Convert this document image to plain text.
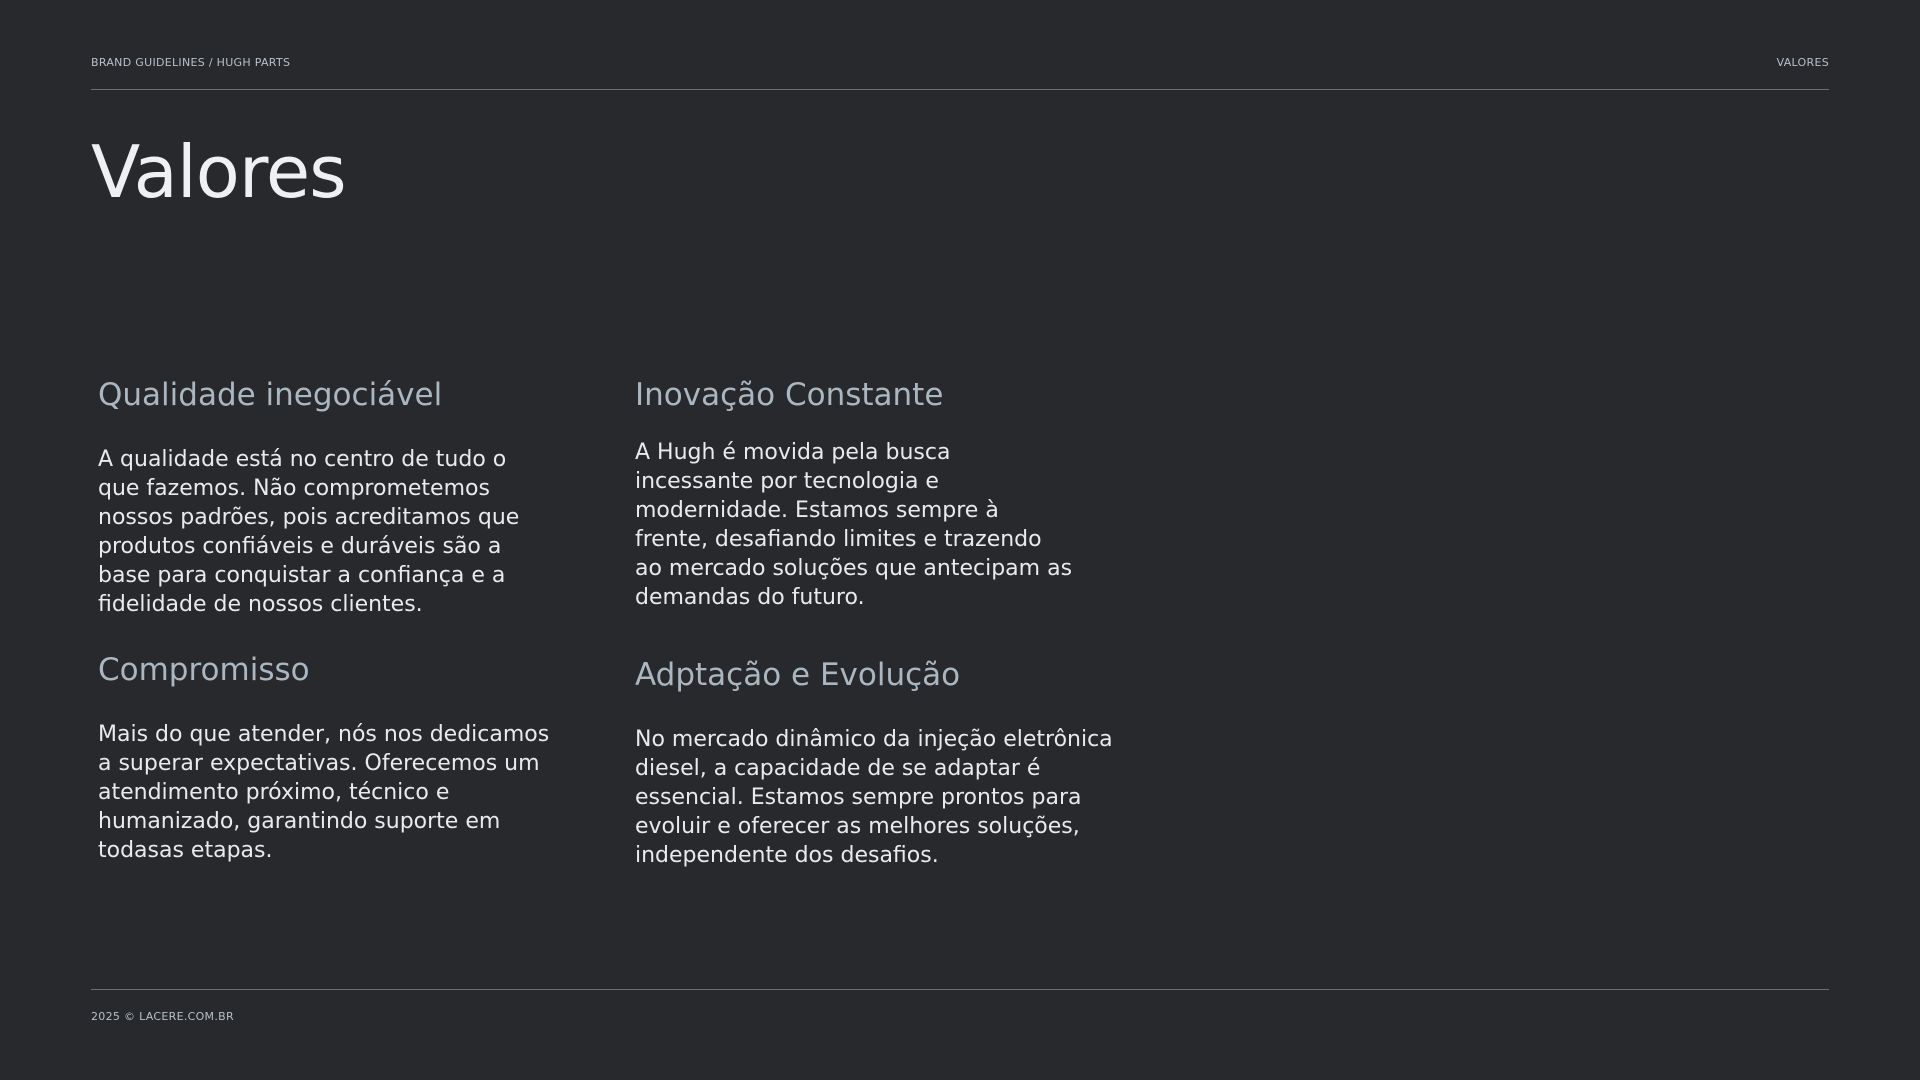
BRAND GUIDELINES / HUGH PARTS	VALORES
Valores
Qualidade inegociável

A qualidade está no centro de tudo o que fazemos. Não comprometemos nossos padrões, pois acreditamos que produtos confiáveis e duráveis são a base para conquistar a confiança e a fidelidade de nossos clientes.

Inovação Constante

A Hugh é movida pela busca incessante por tecnologia e modernidade. Estamos sempre à frente, desafiando limites e trazendo ao mercado soluções que antecipam as demandas do futuro.

Compromisso

Mais do que atender, nós nos dedicamos a superar expectativas. Oferecemos um atendimento próximo, técnico e humanizado, garantindo suporte em todasas etapas.

Adptação e Evolução

No mercado dinâmico da injeção eletrônica diesel, a capacidade de se adaptar é essencial. Estamos sempre prontos para evoluir e oferecer as melhores soluções, independente dos desafios.

2025 © LACERE.COM.BR
